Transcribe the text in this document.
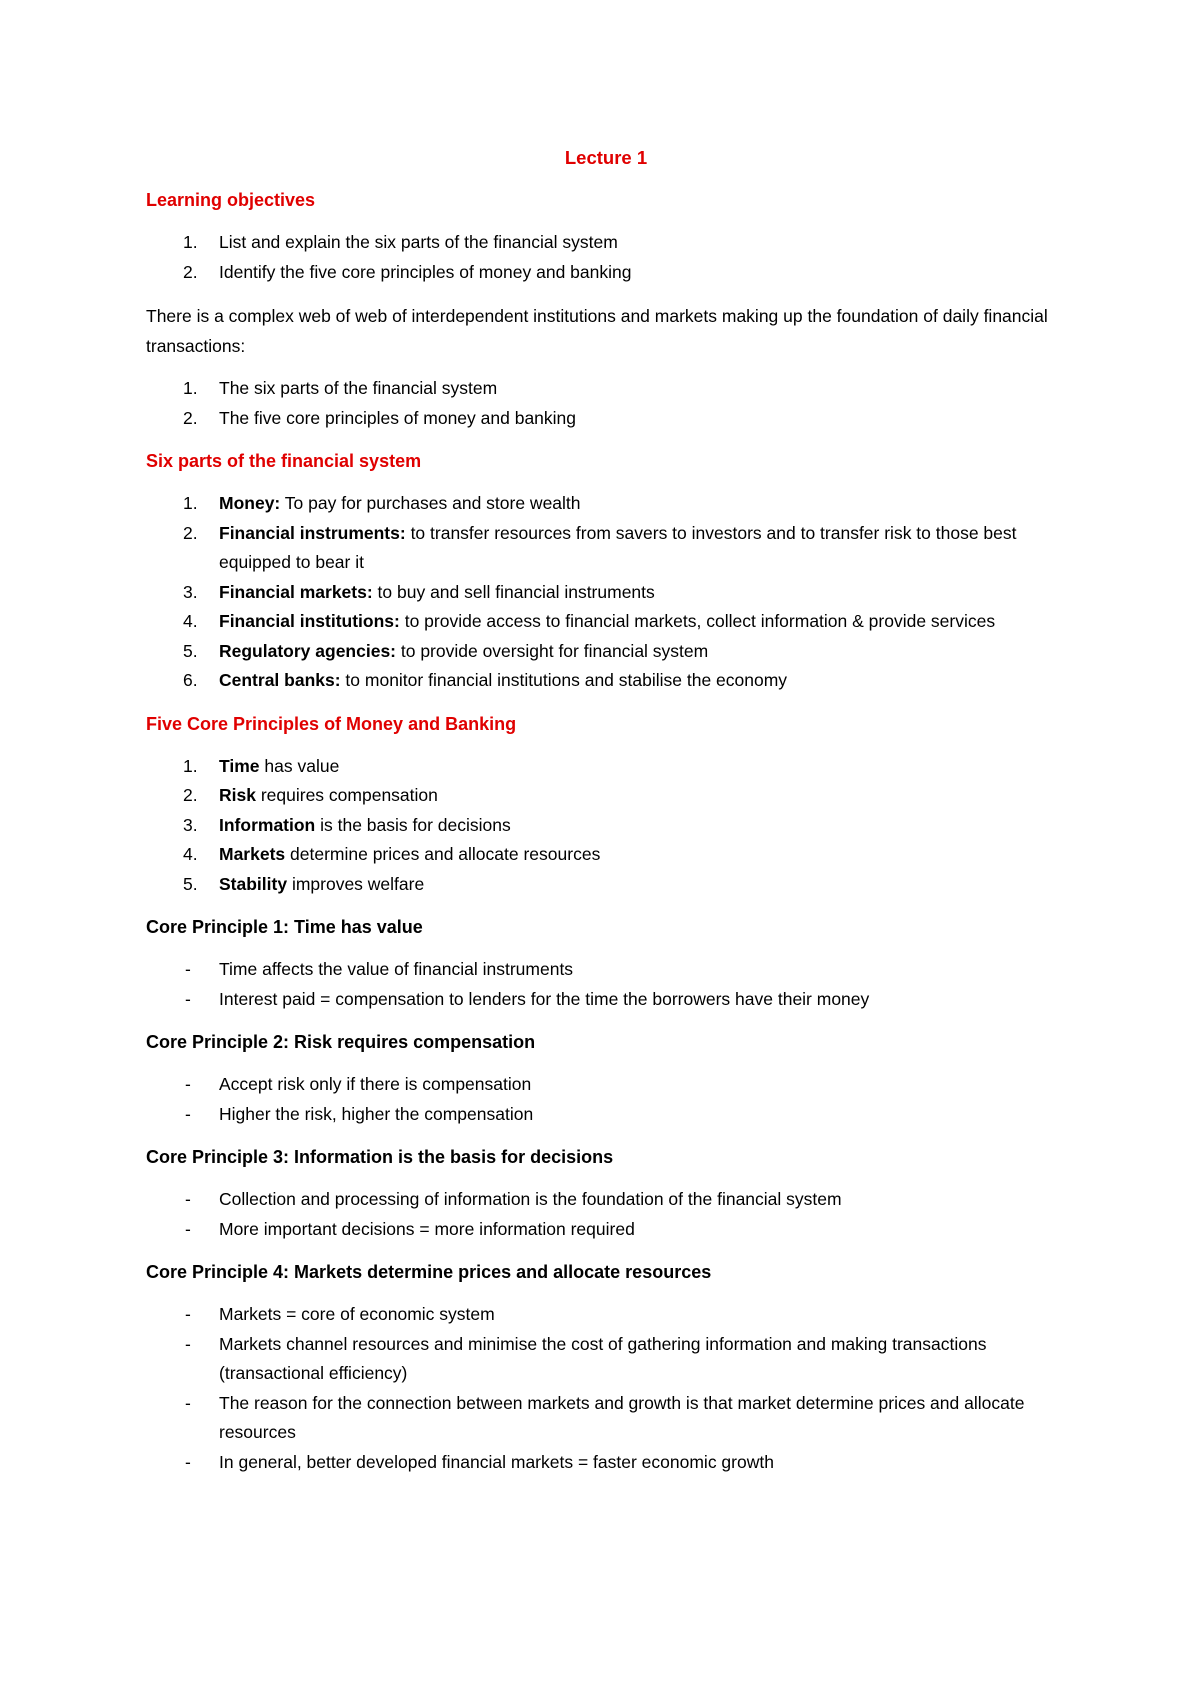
Lecture 1
Learning objectives
1. List and explain the six parts of the financial system
2. Identify the five core principles of money and banking

There is a complex web of web of interdependent institutions and markets making up the foundation of daily financial transactions:

1. The six parts of the financial system
2. The five core principles of money and banking
Six parts of the financial system
1. Money: To pay for purchases and store wealth
2. Financial instruments: to transfer resources from savers to investors and to transfer risk to those best equipped to bear it
3. Financial markets: to buy and sell financial instruments
4. Financial institutions: to provide access to financial markets, collect information & provide services
5. Regulatory agencies: to provide oversight for financial system
6. Central banks: to monitor financial institutions and stabilise the economy
Five Core Principles of Money and Banking
1. Time has value
2. Risk requires compensation
3. Information is the basis for decisions
4. Markets determine prices and allocate resources
5. Stability improves welfare
Core Principle 1: Time has value
- Time affects the value of financial instruments
- Interest paid = compensation to lenders for the time the borrowers have their money
Core Principle 2: Risk requires compensation
- Accept risk only if there is compensation
- Higher the risk, higher the compensation
Core Principle 3: Information is the basis for decisions
- Collection and processing of information is the foundation of the financial system
- More important decisions = more information required
Core Principle 4: Markets determine prices and allocate resources
- Markets = core of economic system
- Markets channel resources and minimise the cost of gathering information and making transactions (transactional efficiency)
- The reason for the connection between markets and growth is that market determine prices and allocate resources
- In general, better developed financial markets = faster economic growth
